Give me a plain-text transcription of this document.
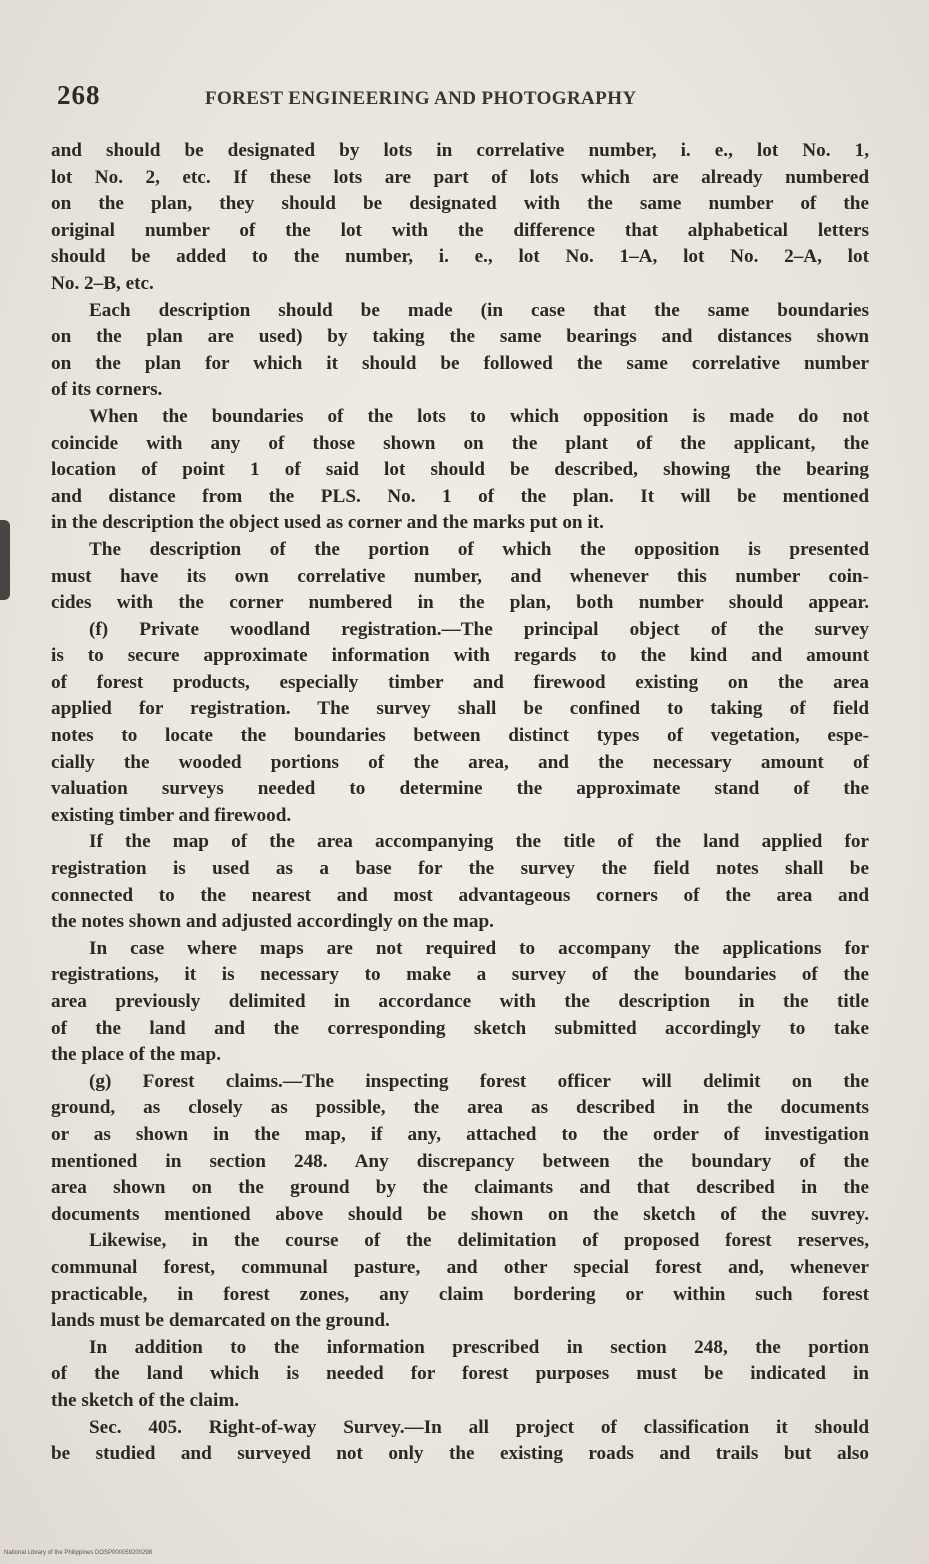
268	FOREST ENGINEERING AND PHOTOGRAPHY
and should be designated by lots in correlative number, i. e., lot No. 1,
lot No. 2, etc. If these lots are part of lots which are already numbered
on the plan, they should be designated with the same number of the
original number of the lot with the difference that alphabetical letters
should be added to the number, i. e., lot No. 1–A, lot No. 2–A, lot
No. 2–B, etc.
Each description should be made (in case that the same boundaries
on the plan are used) by taking the same bearings and distances shown
on the plan for which it should be followed the same correlative number
of its corners.
When the boundaries of the lots to which opposition is made do not
coincide with any of those shown on the plant of the applicant, the
location of point 1 of said lot should be described, showing the bearing
and distance from the PLS. No. 1 of the plan. It will be mentioned
in the description the object used as corner and the marks put on it.
The description of the portion of which the opposition is presented
must have its own correlative number, and whenever this number coin-
cides with the corner numbered in the plan, both number should appear.
(f) Private woodland registration.—The principal object of the survey
is to secure approximate information with regards to the kind and amount
of forest products, especially timber and firewood existing on the area
applied for registration. The survey shall be confined to taking of field
notes to locate the boundaries between distinct types of vegetation, espe-
cially the wooded portions of the area, and the necessary amount of
valuation surveys needed to determine the approximate stand of the
existing timber and firewood.
If the map of the area accompanying the title of the land applied for
registration is used as a base for the survey the field notes shall be
connected to the nearest and most advantageous corners of the area and
the notes shown and adjusted accordingly on the map.
In case where maps are not required to accompany the applications for
registrations, it is necessary to make a survey of the boundaries of the
area previously delimited in accordance with the description in the title
of the land and the corresponding sketch submitted accordingly to take
the place of the map.
(g) Forest claims.—The inspecting forest officer will delimit on the
ground, as closely as possible, the area as described in the documents
or as shown in the map, if any, attached to the order of investigation
mentioned in section 248. Any discrepancy between the boundary of the
area shown on the ground by the claimants and that described in the
documents mentioned above should be shown on the sketch of the suvrey.
Likewise, in the course of the delimitation of proposed forest reserves,
communal forest, communal pasture, and other special forest and, whenever
practicable, in forest zones, any claim bordering or within such forest
lands must be demarcated on the ground.
In addition to the information prescribed in section 248, the portion
of the land which is needed for forest purposes must be indicated in
the sketch of the claim.
Sec. 405. Right-of-way Survey.—In all project of classification it should
be studied and surveyed not only the existing roads and trails but also
National Library of the Philippines DOSP000059200298
